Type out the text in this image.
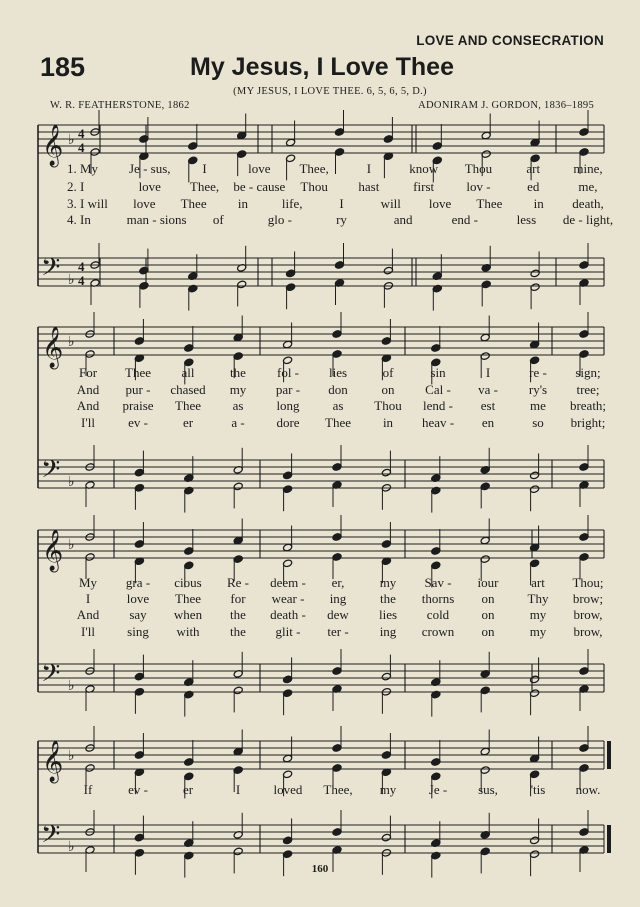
LOVE AND CONSECRATION
185	My Jesus, I Love Thee
(MY JESUS, I LOVE THEE. 6, 5, 6, 5, D.)
W. R. FEATHERSTONE, 1862	ADONIRAM J. GORDON, 1836–1895
𝄞
𝄢
♭
♭
4
4
4
4
𝄞
𝄢
♭
♭
𝄞
𝄢
♭
♭
𝄞
𝄢
♭
♭
1. My Je - sus, I	love Thee,	I	know Thou	art	mine,
2. I	love Thee, be - cause Thou hast	first lov -	ed	me,
3. I will love Thee in	life,	I	will love Thee in death,
4. In	man - sions of	glo -	ry	and	end -	less de - light,
For Thee all	the fol - lies	of	sin	I	re - sign;
And pur - chased my par - don	on Cal - va - ry's tree;
And praise Thee as	long	as Thou lend - est	me breath;
I'll	ev -	er	a - dore Thee in heav - en	so bright;
My gra - cious Re - deem - er,	my Sav - iour	art Thou;
I	love Thee for wear - ing	the thorns on	Thy brow;
And say when the death - dew lies cold on	my brow,
I'll sing with the glit - ter - ing crown on	my brow,
If	ev -	er	I	loved Thee, my Je - sus,	'tis now.
160
